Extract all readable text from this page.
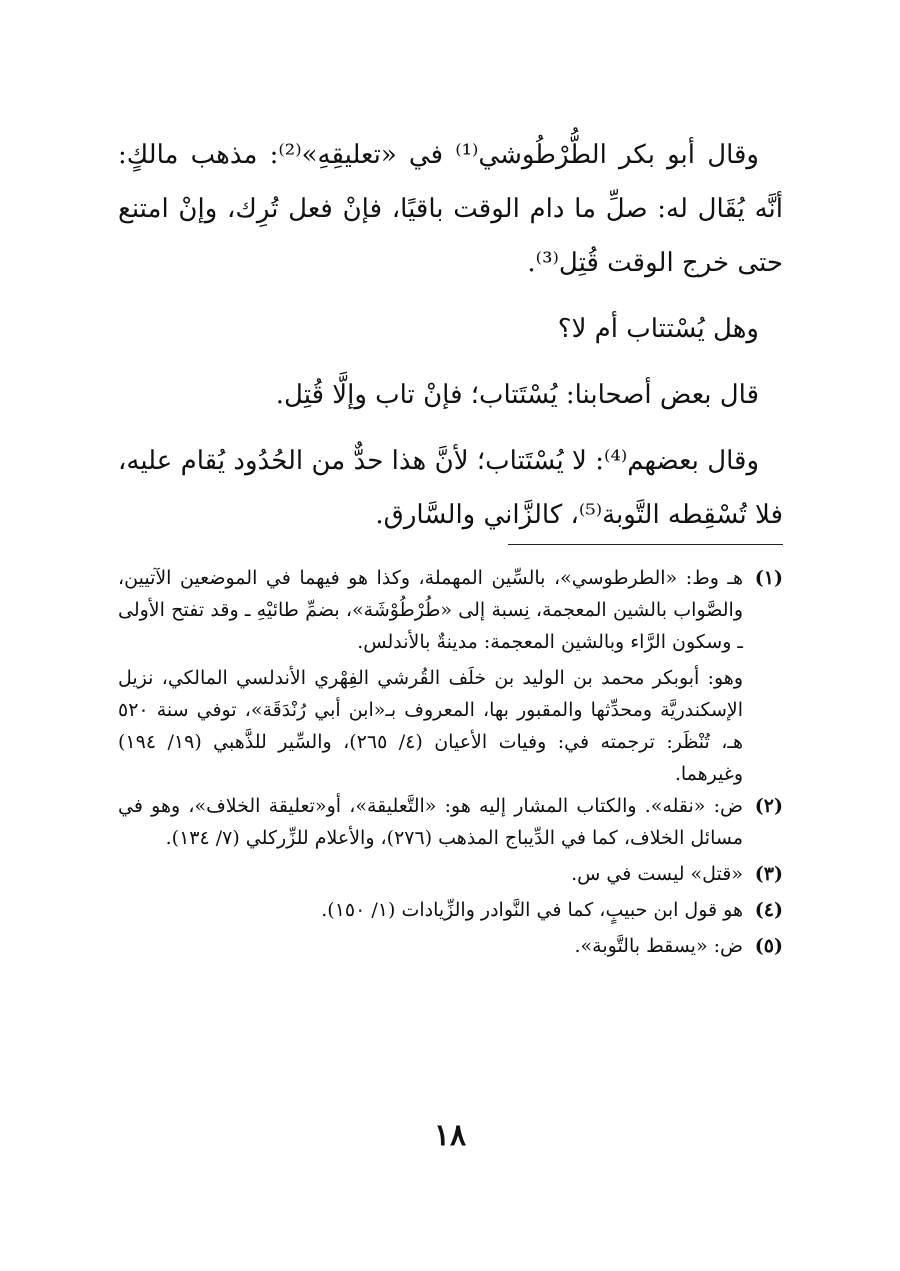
وقال أبو بكر الطُّرْطُوشي⁽¹⁾ في «تعليقِهِ»⁽²⁾: مذهب مالكٍ: أنَّه يُقَال له: صلِّ ما دام الوقت باقيًا، فإنْ فعل تُرِك، وإنْ امتنع حتى خرج الوقت قُتِل⁽³⁾.

وهل يُسْتتاب أم لا؟

قال بعض أصحابنا: يُسْتَتاب؛ فإنْ تاب وإلَّا قُتِل.

وقال بعضهم⁽⁴⁾: لا يُسْتَتاب؛ لأنَّ هذا حدٌّ من الحُدُود يُقام عليه، فلا تُسْقِطه التَّوبة⁽⁵⁾، كالزَّاني والسَّارق.

(١)
هـ وط: «الطرطوسي»، بالسِّين المهملة، وكذا هو فيهما في الموضعين الآتيين، والصَّواب بالشين المعجمة، نِسبة إلى «طُرْطُوْشَة»، بضمِّ طائيْهِ ـ وقد تفتح الأولى ـ وسكون الرَّاء وبالشين المعجمة: مدينةٌ بالأندلس.
وهو: أبوبكر محمد بن الوليد بن خلَف القُرشي الفِهْري الأندلسي المالكي، نزيل الإسكندريَّة ومحدِّثها والمقبور بها، المعروف بـ«ابن أبي رُنْدَقَة»، توفي سنة ٥٢٠ هـ، تُنْظَر: ترجمته في: وفيات الأعيان (٤/ ٢٦٥)، والسِّير للذَّهبي (١٩/ ١٩٤) وغيرهما.
(٢)
ض: «نقله». والكتاب المشار إليه هو: «التَّعليقة»، أو«تعليقة الخلاف»، وهو في مسائل الخلاف، كما في الدِّيباج المذهب (٢٧٦)، والأعلام للزِّركلي (٧/ ١٣٤).
(٣)
«قتل» ليست في س.
(٤)
هو قول ابن حبيبٍ، كما في النَّوادر والزِّيادات (١/ ١٥٠).
(٥)
ض: «يسقط بالتَّوبة».
١٨
